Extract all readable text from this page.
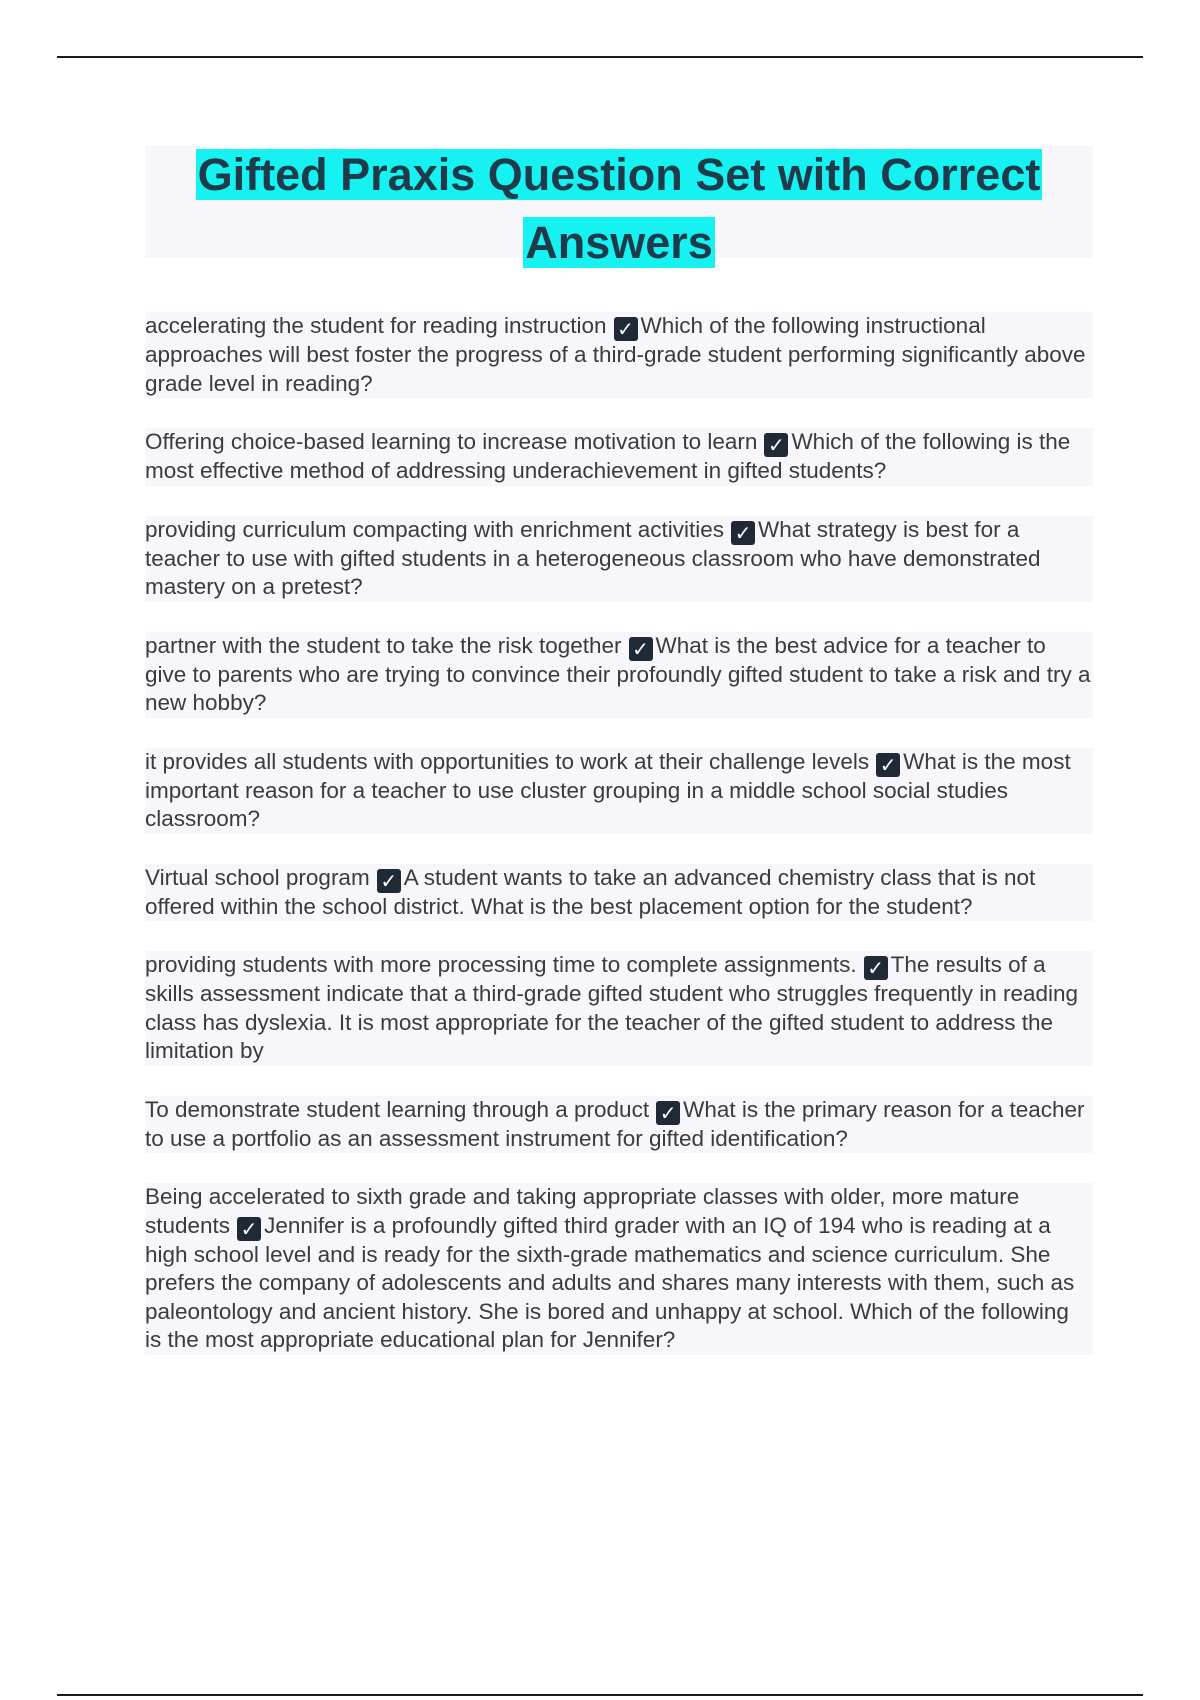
Gifted Praxis Question Set with Correct Answers
accelerating the student for reading instruction ✓ Which of the following instructional approaches will best foster the progress of a third-grade student performing significantly above grade level in reading?
Offering choice-based learning to increase motivation to learn ✓ Which of the following is the most effective method of addressing underachievement in gifted students?
providing curriculum compacting with enrichment activities ✓ What strategy is best for a teacher to use with gifted students in a heterogeneous classroom who have demonstrated mastery on a pretest?
partner with the student to take the risk together ✓ What is the best advice for a teacher to give to parents who are trying to convince their profoundly gifted student to take a risk and try a new hobby?
it provides all students with opportunities to work at their challenge levels ✓ What is the most important reason for a teacher to use cluster grouping in a middle school social studies classroom?
Virtual school program ✓ A student wants to take an advanced chemistry class that is not offered within the school district. What is the best placement option for the student?
providing students with more processing time to complete assignments. ✓ The results of a skills assessment indicate that a third-grade gifted student who struggles frequently in reading class has dyslexia. It is most appropriate for the teacher of the gifted student to address the limitation by
To demonstrate student learning through a product ✓ What is the primary reason for a teacher to use a portfolio as an assessment instrument for gifted identification?
Being accelerated to sixth grade and taking appropriate classes with older, more mature students ✓ Jennifer is a profoundly gifted third grader with an IQ of 194 who is reading at a high school level and is ready for the sixth-grade mathematics and science curriculum. She prefers the company of adolescents and adults and shares many interests with them, such as paleontology and ancient history. She is bored and unhappy at school. Which of the following is the most appropriate educational plan for Jennifer?
